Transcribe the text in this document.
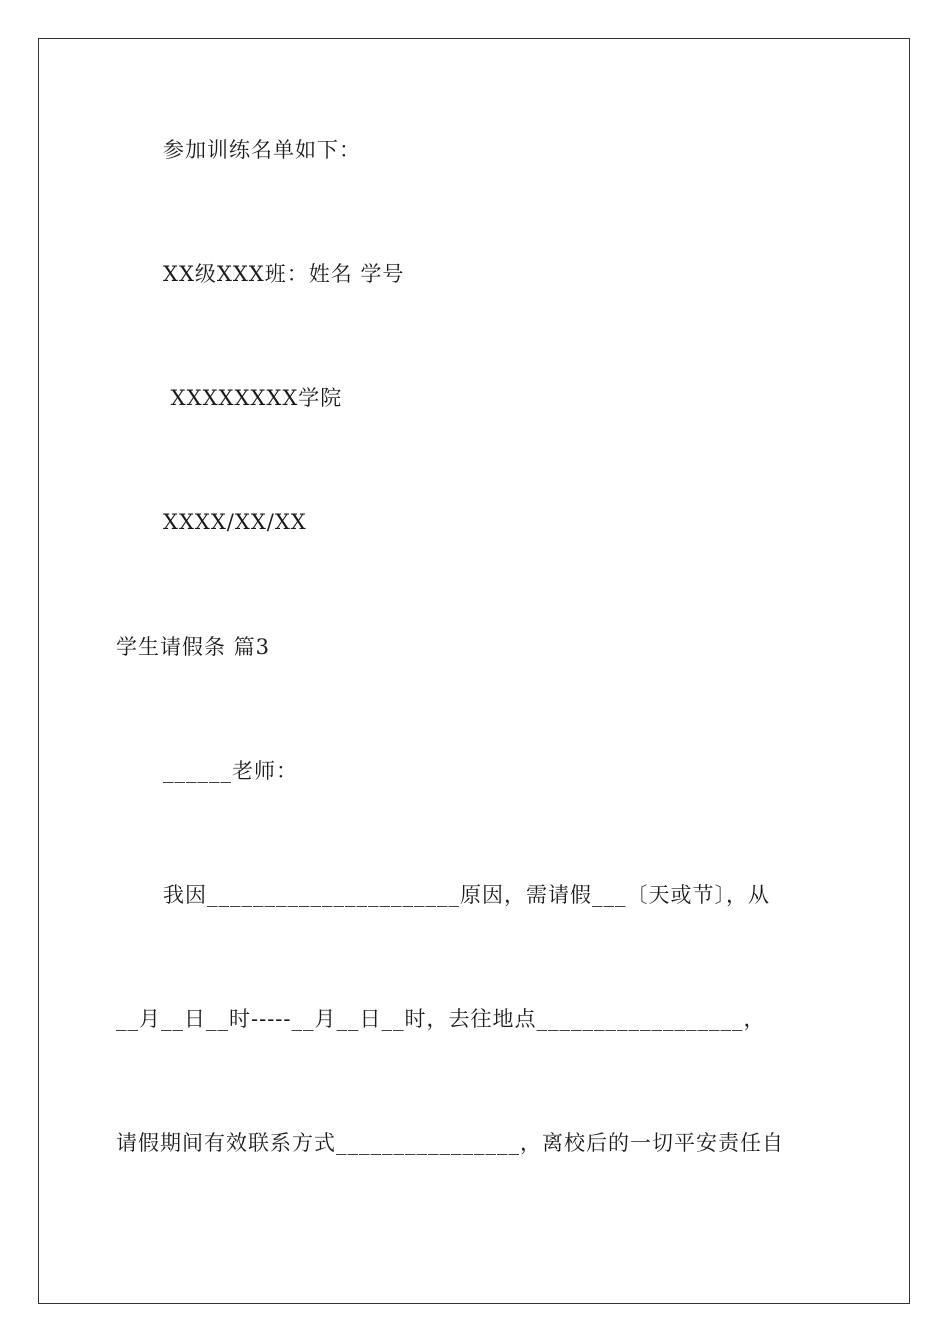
参加训练名单如下：
XX级XXX班：姓名 学号
XXXXXXXX学院
XXXX/XX/XX
学生请假条 篇3
______老师：
我因______________________原因，需请假___〔天或节〕，从
__月__日__时-----__月__日__时，去往地点__________________，
请假期间有效联系方式________________，离校后的一切平安责任自
